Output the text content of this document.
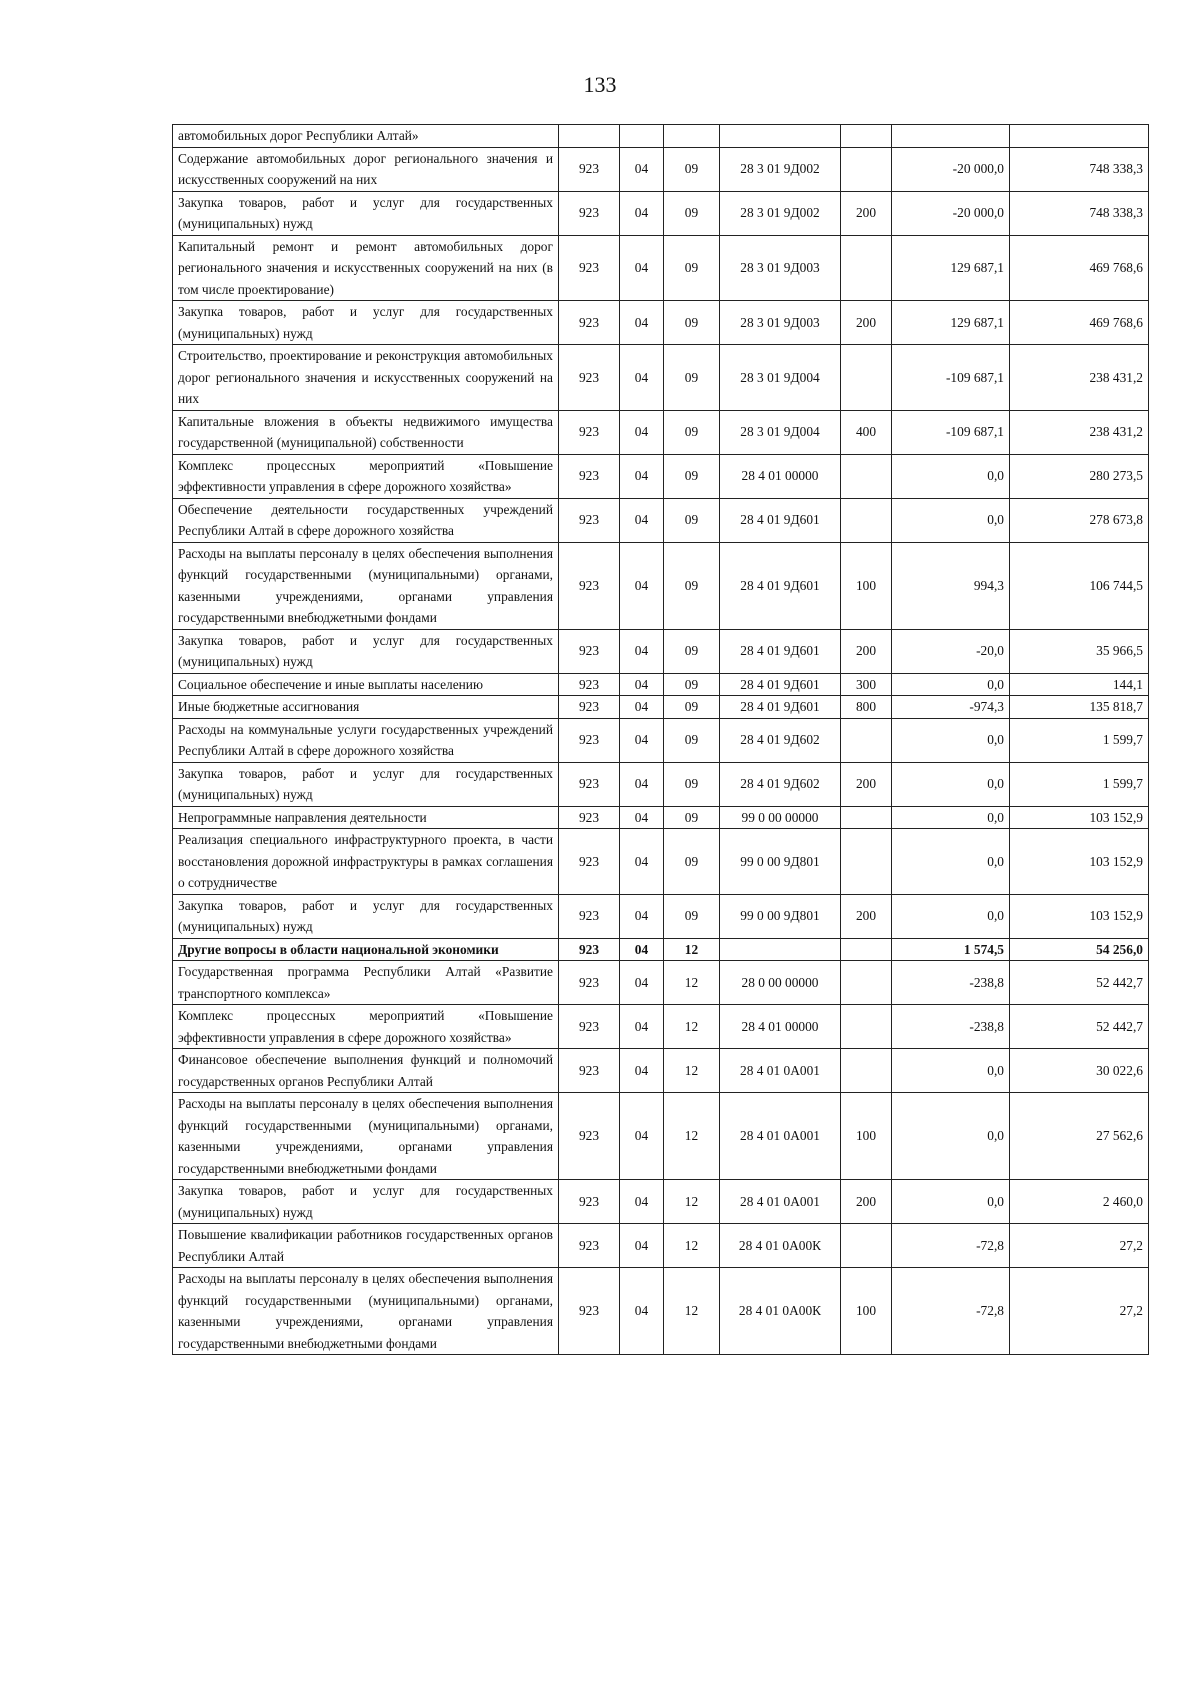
133
автомобильных дорог Республики Алтай»							
Содержание автомобильных дорог регионального значения и искусственных сооружений на них	923	04	09	28 3 01 9Д002		-20 000,0	748 338,3
Закупка товаров, работ и услуг для государственных (муниципальных) нужд	923	04	09	28 3 01 9Д002	200	-20 000,0	748 338,3
Капитальный ремонт и ремонт автомобильных дорог регионального значения и искусственных сооружений на них (в том числе проектирование)	923	04	09	28 3 01 9Д003		129 687,1	469 768,6
Закупка товаров, работ и услуг для государственных (муниципальных) нужд	923	04	09	28 3 01 9Д003	200	129 687,1	469 768,6
Строительство, проектирование и реконструкция автомобильных дорог регионального значения и искусственных сооружений на них	923	04	09	28 3 01 9Д004		-109 687,1	238 431,2
Капитальные вложения в объекты недвижимого имущества государственной (муниципальной) собственности	923	04	09	28 3 01 9Д004	400	-109 687,1	238 431,2
Комплекс процессных мероприятий «Повышение эффективности управления в сфере дорожного хозяйства»	923	04	09	28 4 01 00000		0,0	280 273,5
Обеспечение деятельности государственных учреждений Республики Алтай в сфере дорожного хозяйства	923	04	09	28 4 01 9Д601		0,0	278 673,8
Расходы на выплаты персоналу в целях обеспечения выполнения функций государственными (муниципальными) органами, казенными учреждениями, органами управления государственными внебюджетными фондами	923	04	09	28 4 01 9Д601	100	994,3	106 744,5
Закупка товаров, работ и услуг для государственных (муниципальных) нужд	923	04	09	28 4 01 9Д601	200	-20,0	35 966,5
Социальное обеспечение и иные выплаты населению	923	04	09	28 4 01 9Д601	300	0,0	144,1
Иные бюджетные ассигнования	923	04	09	28 4 01 9Д601	800	-974,3	135 818,7
Расходы на коммунальные услуги государственных учреждений Республики Алтай в сфере дорожного хозяйства	923	04	09	28 4 01 9Д602		0,0	1 599,7
Закупка товаров, работ и услуг для государственных (муниципальных) нужд	923	04	09	28 4 01 9Д602	200	0,0	1 599,7
Непрограммные направления деятельности	923	04	09	99 0 00 00000		0,0	103 152,9
Реализация специального инфраструктурного проекта, в части восстановления дорожной инфраструктуры в рамках соглашения о сотрудничестве	923	04	09	99 0 00 9Д801		0,0	103 152,9
Закупка товаров, работ и услуг для государственных (муниципальных) нужд	923	04	09	99 0 00 9Д801	200	0,0	103 152,9
Другие вопросы в области национальной экономики	923	04	12			1 574,5	54 256,0
Государственная программа Республики Алтай «Развитие транспортного комплекса»	923	04	12	28 0 00 00000		-238,8	52 442,7
Комплекс процессных мероприятий «Повышение эффективности управления в сфере дорожного хозяйства»	923	04	12	28 4 01 00000		-238,8	52 442,7
Финансовое обеспечение выполнения функций и полномочий государственных органов Республики Алтай	923	04	12	28 4 01 0А001		0,0	30 022,6
Расходы на выплаты персоналу в целях обеспечения выполнения функций государственными (муниципальными) органами, казенными учреждениями, органами управления государственными внебюджетными фондами	923	04	12	28 4 01 0А001	100	0,0	27 562,6
Закупка товаров, работ и услуг для государственных (муниципальных) нужд	923	04	12	28 4 01 0А001	200	0,0	2 460,0
Повышение квалификации работников государственных органов Республики Алтай	923	04	12	28 4 01 0А00К		-72,8	27,2
Расходы на выплаты персоналу в целях обеспечения выполнения функций государственными (муниципальными) органами, казенными учреждениями, органами управления государственными внебюджетными фондами	923	04	12	28 4 01 0А00К	100	-72,8	27,2
